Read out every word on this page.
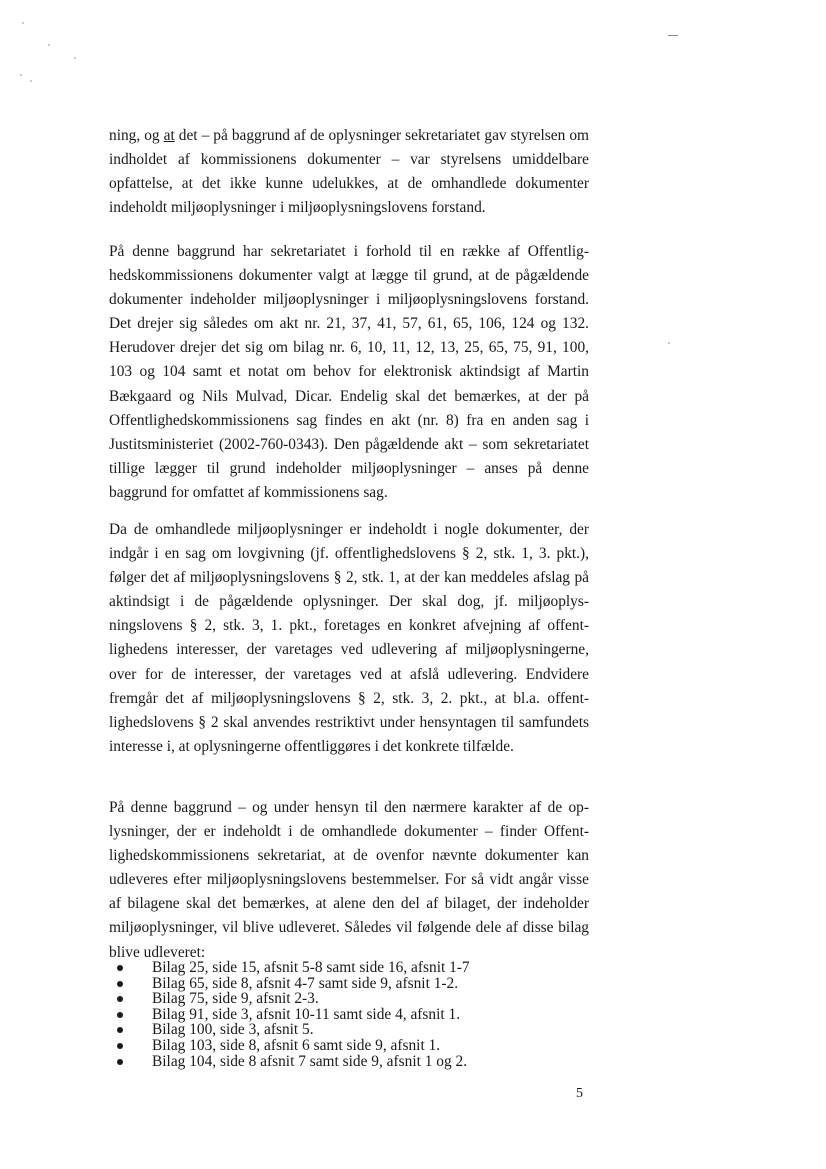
ning, og at det – på baggrund af de oplysninger sekretariatet gav styrelsen om indholdet af kommissionens dokumenter – var styrelsens umiddelbare opfattelse, at det ikke kunne udelukkes, at de omhandlede dokumenter indeholdt miljøoplysninger i miljøoplysningslovens forstand.

På denne baggrund har sekretariatet i forhold til en række af Offentlighedskommissionens dokumenter valgt at lægge til grund, at de pågældende dokumenter indeholder miljøoplysninger i miljøoplysningslovens forstand. Det drejer sig således om akt nr. 21, 37, 41, 57, 61, 65, 106, 124 og 132. Herudover drejer det sig om bilag nr. 6, 10, 11, 12, 13, 25, 65, 75, 91, 100, 103 og 104 samt et notat om behov for elektronisk aktindsigt af Martin Bækgaard og Nils Mulvad, Dicar. Endelig skal det bemærkes, at der på Offentlighedskommissionens sag findes en akt (nr. 8) fra en anden sag i Justitsministeriet (2002-760-0343). Den pågældende akt – som sekretariatet tillige lægger til grund indeholder miljøoplysninger – anses på denne baggrund for omfattet af kommissionens sag.

Da de omhandlede miljøoplysninger er indeholdt i nogle dokumenter, der indgår i en sag om lovgivning (jf. offentlighedslovens § 2, stk. 1, 3. pkt.), følger det af miljøoplysningslovens § 2, stk. 1, at der kan meddeles afslag på aktindsigt i de pågældende oplysninger. Der skal dog, jf. miljøoplysningslovens § 2, stk. 3, 1. pkt., foretages en konkret afvejning af offentlighedens interesser, der varetages ved udlevering af miljøoplysningerne, over for de interesser, der varetages ved at afslå udlevering. Endvidere fremgår det af miljøoplysningslovens § 2, stk. 3, 2. pkt., at bl.a. offentlighedslovens § 2 skal anvendes restriktivt under hensyntagen til samfundets interesse i, at oplysningerne offentliggøres i det konkrete tilfælde.

På denne baggrund – og under hensyn til den nærmere karakter af de oplysninger, der er indeholdt i de omhandlede dokumenter – finder Offentlighedskommissionens sekretariat, at de ovenfor nævnte dokumenter kan udleveres efter miljøoplysningslovens bestemmelser. For så vidt angår visse af bilagene skal det bemærkes, at alene den del af bilaget, der indeholder miljøoplysninger, vil blive udleveret. Således vil følgende dele af disse bilag blive udleveret:

Bilag 25, side 15, afsnit 5-8 samt side 16, afsnit 1-7
Bilag 65, side 8, afsnit 4-7 samt side 9, afsnit 1-2.
Bilag 75, side 9, afsnit 2-3.
Bilag 91, side 3, afsnit 10-11 samt side 4, afsnit 1.
Bilag 100, side 3, afsnit 5.
Bilag 103, side 8, afsnit 6 samt side 9, afsnit 1.
Bilag 104, side 8 afsnit 7 samt side 9, afsnit 1 og 2.
5
